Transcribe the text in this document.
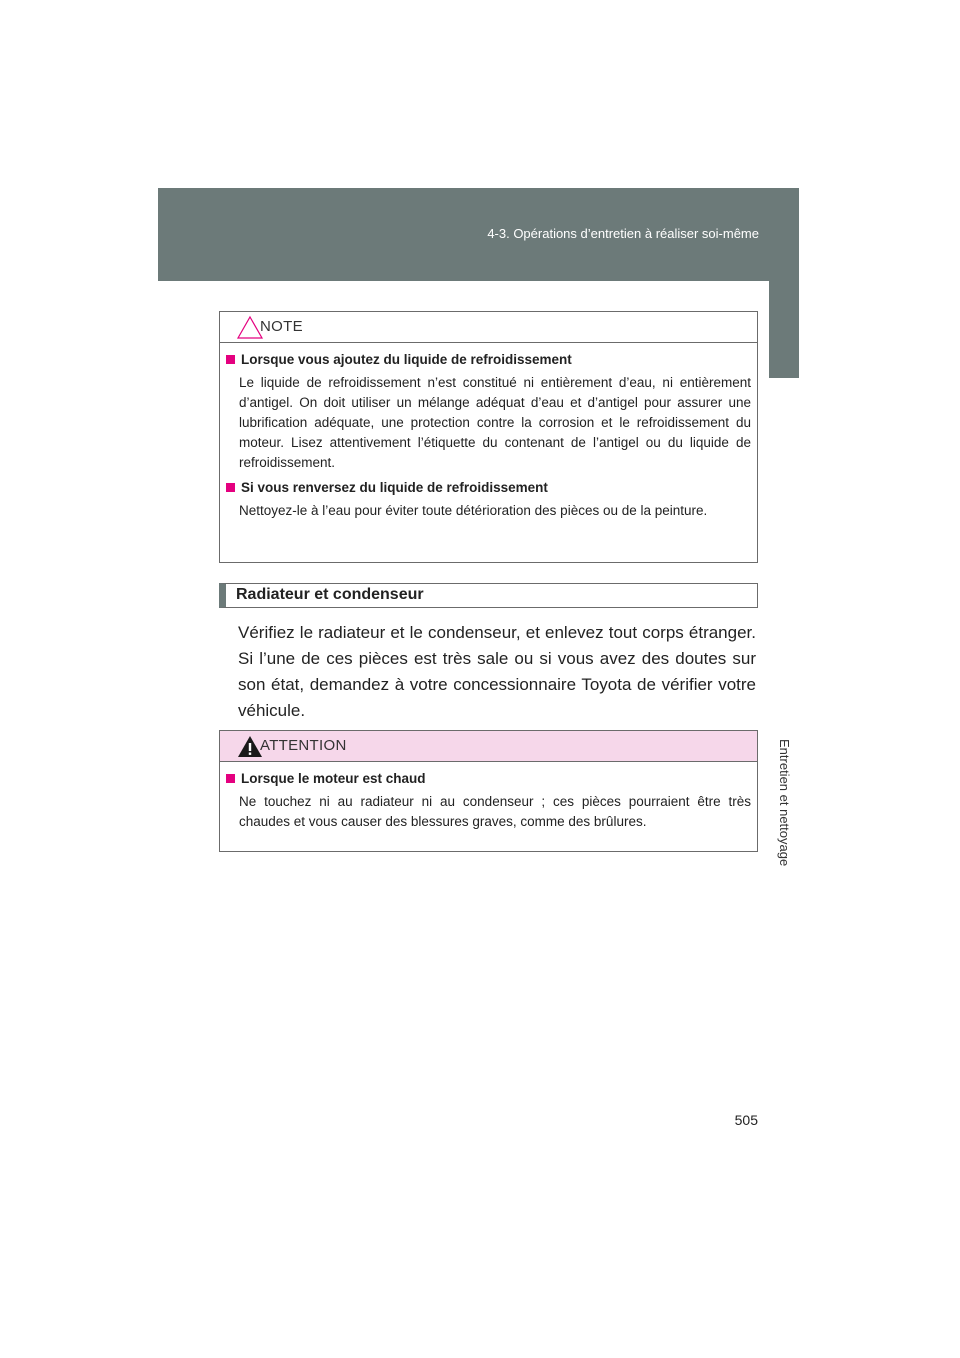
4-3. Opérations d’entretien à réaliser soi-même
4
Entretien et nettoyage
NOTE
Lorsque vous ajoutez du liquide de refroidissement

Le liquide de refroidissement n’est constitué ni entièrement d’eau, ni entièrement d’antigel. On doit utiliser un mélange adéquat d’eau et d’antigel pour assurer une lubrification adéquate, une protection contre la corrosion et le refroidissement du moteur. Lisez attentivement l’étiquette du contenant de l’antigel ou du liquide de refroidissement.

Si vous renversez du liquide de refroidissement

Nettoyez-le à l’eau pour éviter toute détérioration des pièces ou de la peinture.

Radiateur et condenseur

Vérifiez le radiateur et le condenseur, et enlevez tout corps étranger. Si l’une de ces pièces est très sale ou si vous avez des doutes sur son état, demandez à votre concessionnaire Toyota de vérifier votre véhicule.

ATTENTION
Lorsque le moteur est chaud

Ne touchez ni au radiateur ni au condenseur ; ces pièces pourraient être très chaudes et vous causer des blessures graves, comme des brûlures.

505
